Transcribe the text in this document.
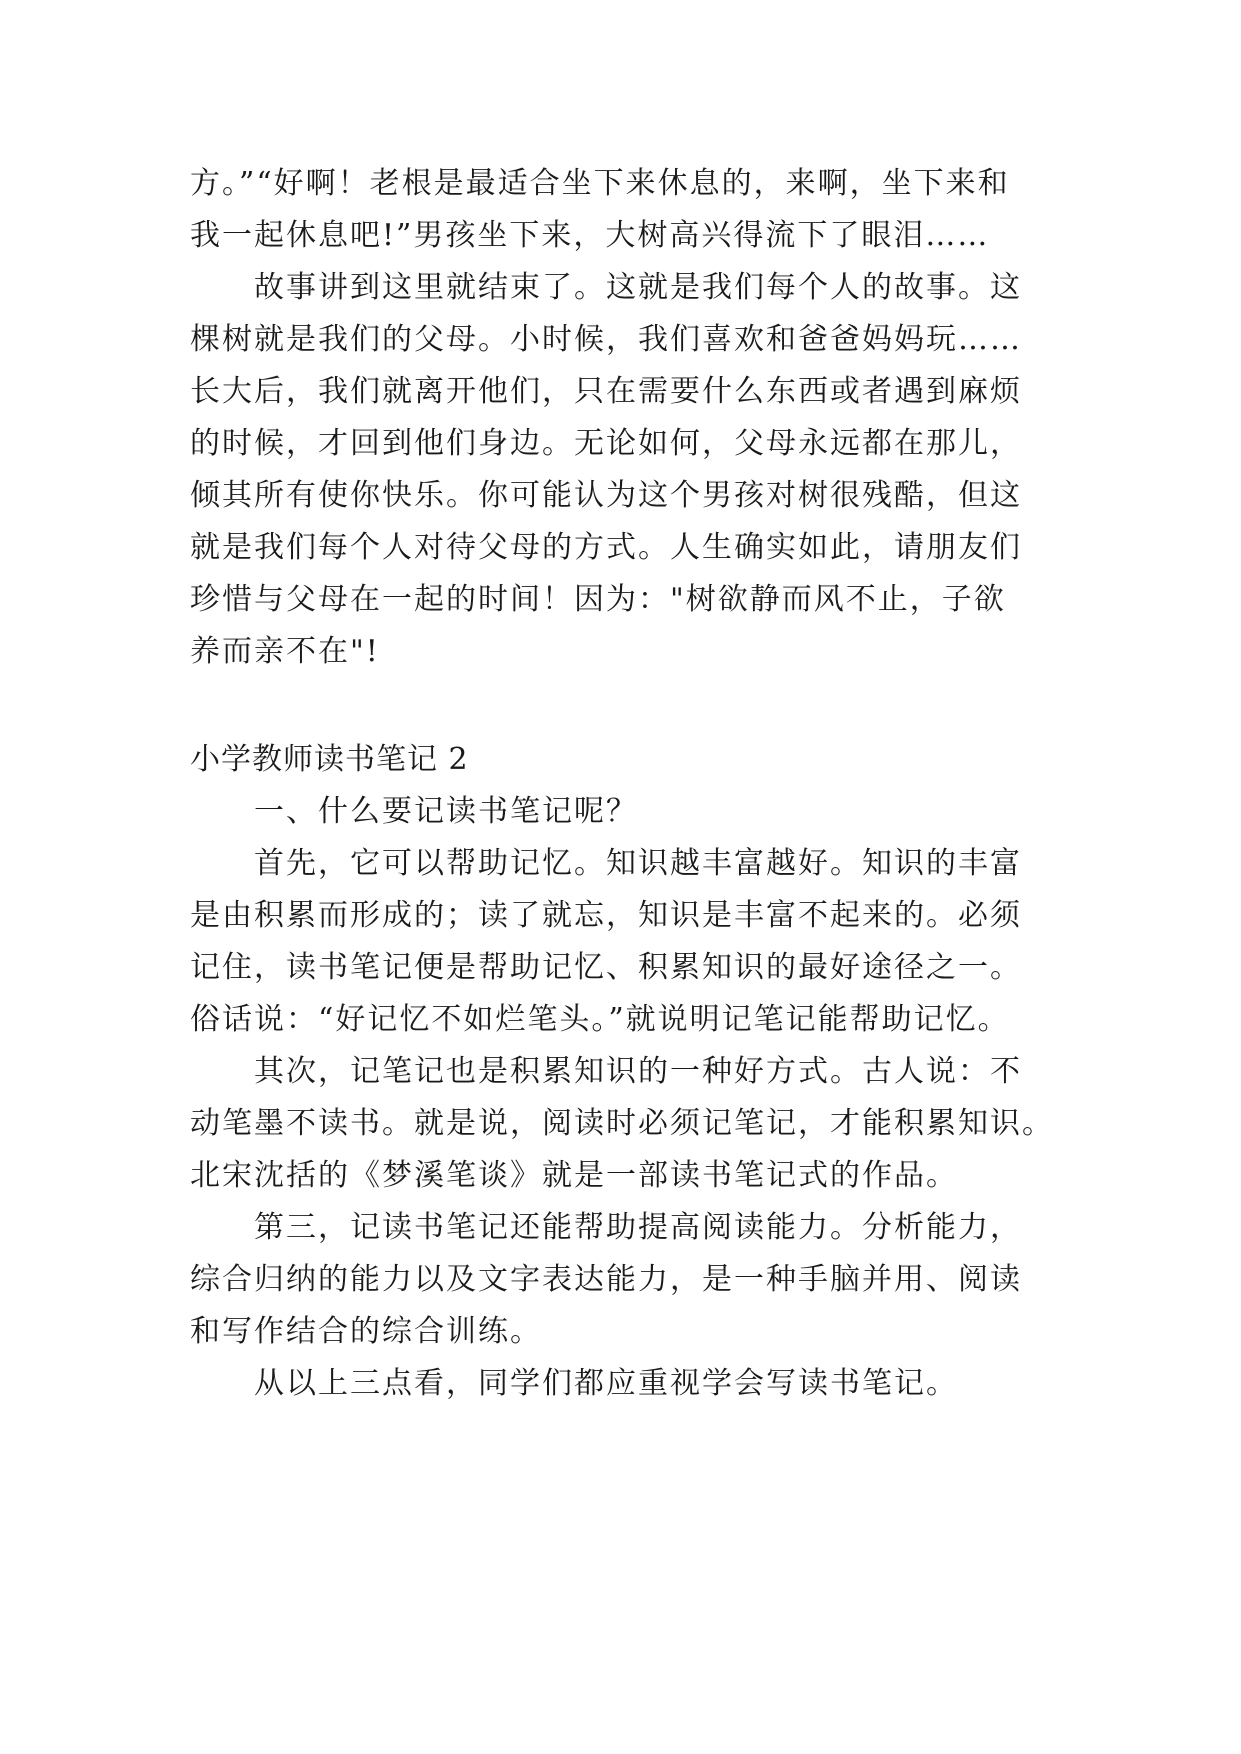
方。”“好啊！老根是最适合坐下来休息的，来啊，坐下来和
我一起休息吧!”男孩坐下来，大树高兴得流下了眼泪……
故事讲到这里就结束了。这就是我们每个人的故事。这
棵树就是我们的父母。小时候，我们喜欢和爸爸妈妈玩……
长大后，我们就离开他们，只在需要什么东西或者遇到麻烦
的时候，才回到他们身边。无论如何，父母永远都在那儿，
倾其所有使你快乐。你可能认为这个男孩对树很残酷，但这
就是我们每个人对待父母的方式。人生确实如此，请朋友们
珍惜与父母在一起的时间！因为："树欲静而风不止，子欲
养而亲不在"!
小学教师读书笔记 2
一、什么要记读书笔记呢？
首先，它可以帮助记忆。知识越丰富越好。知识的丰富
是由积累而形成的；读了就忘，知识是丰富不起来的。必须
记住，读书笔记便是帮助记忆、积累知识的最好途径之一。
俗话说：“好记忆不如烂笔头。”就说明记笔记能帮助记忆。
其次，记笔记也是积累知识的一种好方式。古人说：不
动笔墨不读书。就是说，阅读时必须记笔记，才能积累知识。
北宋沈括的《梦溪笔谈》就是一部读书笔记式的作品。
第三，记读书笔记还能帮助提高阅读能力。分析能力，
综合归纳的能力以及文字表达能力，是一种手脑并用、阅读
和写作结合的综合训练。
从以上三点看，同学们都应重视学会写读书笔记。
